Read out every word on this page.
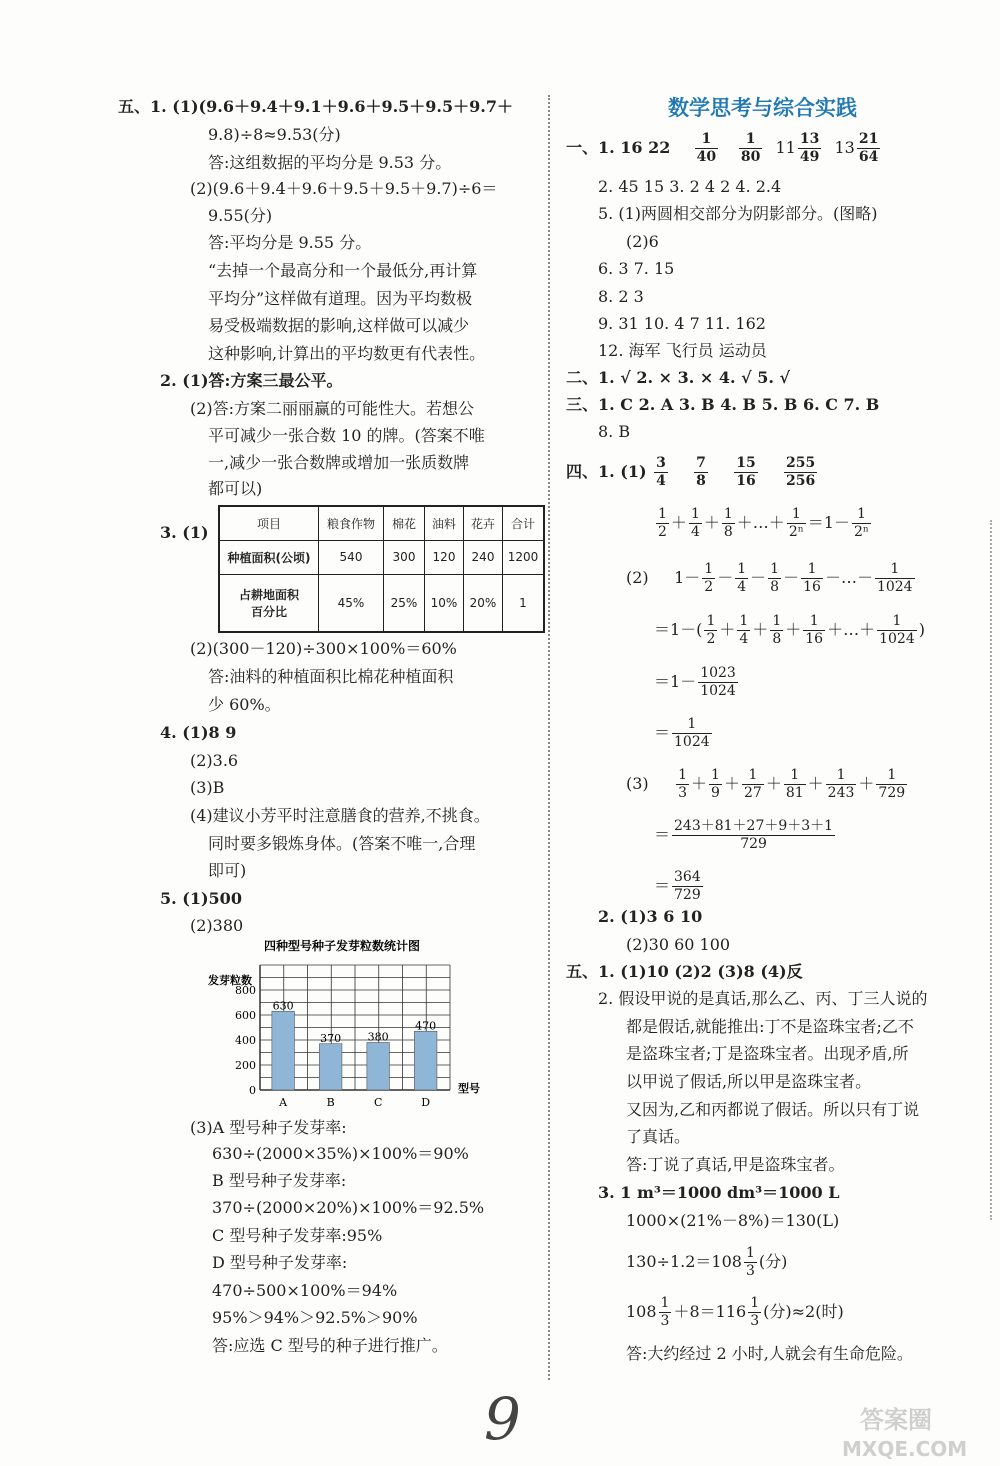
五、1. (1)(9.6＋9.4＋9.1＋9.6＋9.5＋9.5＋9.7＋
9.8)÷8≈9.53(分)
答:这组数据的平均分是 9.53 分。
(2)(9.6＋9.4＋9.6＋9.5＋9.5＋9.7)÷6＝
9.55(分)
答:平均分是 9.55 分。
“去掉一个最高分和一个最低分,再计算
平均分”这样做有道理。因为平均数极
易受极端数据的影响,这样做可以减少
这种影响,计算出的平均数更有代表性。
2. (1)答:方案三最公平。
(2)答:方案二丽丽赢的可能性大。若想公
平可减少一张合数 10 的牌。(答案不唯
一,减少一张合数牌或增加一张质数牌
都可以)
3. (1)	项目	粮食作物	棉花	油料	花卉	合计
种植面积(公顷)	540	300	120	240	1200
占耕地面积
百分比	45%	25%	10%	20%	1
(2)(300－120)÷300×100%＝60%
答:油料的种植面积比棉花种植面积
少 60%。
4. (1)8 9
(2)3.6
(3)B
(4)建议小芳平时注意膳食的营养,不挑食。
同时要多锻炼身体。(答案不唯一,合理
即可)
5. (1)500
(2)380
四种型号种子发芽粒数统计图
发芽粒数
0
200
400
600
800
型号
630
A
370
B
380
C
470
D
(3)A 型号种子发芽率:
630÷(2000×35%)×100%＝90%
B 型号种子发芽率:
370÷(2000×20%)×100%＝92.5%
C 型号种子发芽率:95%
D 型号种子发芽率:
470÷500×100%＝94%
95%＞94%＞92.5%＞90%
答:应选 C 型号的种子进行推广。
数学思考与综合实践
一、1. 16 $22 \frac{1}{40}$
$\frac{1}{80} 11 \frac{13}{49} 13 \frac{21}{64}$
2. 45 15 3. 2 4 2 4. 2.4
5. (1)两圆相交部分为阴影部分。(图略)
(2)6
6. 3 7. 15
8. 2 3
9. 31 10. 4 7 11. 162
12. 海军 飞行员 运动员
二、1. √ 2. × 3. × 4. √ 5. √
三、1. C 2. A 3. B 4. B 5. B 6. C 7. B
8. B
四、1. $(1) \frac{3}{4}$
$\frac{7}{8}$
$\frac{15}{16}$
$\frac{255}{256}$
$\frac{1}{2} + \frac{1}{4} + \frac{1}{8}$ ＋…＋ $\frac{1}{\text{2ⁿ}} =1- \frac{1}{\text{2ⁿ}}$
(2) $1- \frac{1}{2} - \frac{1}{4} - \frac{1}{8} - \frac{1}{16}$ －…－ $\frac{1}{1024}$
$=1-( \frac{1}{2} + \frac{1}{4} + \frac{1}{8} + \frac{1}{16}$ ＋…＋ $\frac{1}{1024}$ )
$=1- \frac{1023}{1024}$
＝ $\frac{1}{1024}$
$(3) \frac{1}{3} + \frac{1}{9} + \frac{1}{27} + \frac{1}{81} + \frac{1}{243} + \frac{1}{729}$
＝ $\frac{243+81+27+9+3+1}{729}$
＝ $\frac{364}{729}$
2. (1)3 6 10
(2)30 60 100
五、1. (1)10 (2)2 (3)8 (4)反
2. 假设甲说的是真话,那么乙、丙、丁三人说的
都是假话,就能推出:丁不是盗珠宝者;乙不
是盗珠宝者;丁是盗珠宝者。出现矛盾,所
以甲说了假话,所以甲是盗珠宝者。
又因为,乙和丙都说了假话。所以只有丁说
了真话。
答:丁说了真话,甲是盗珠宝者。
3. 1 m³＝1000 dm³＝1000 L
1000×(21%－8%)＝130(L)
$130\div 1.2=108 \frac{1}{3}$ (分)
$108 \frac{1}{3} +8=116 \frac{1}{3}$ (分)≈2(时)
答:大约经过 2 小时,人就会有生命危险。
9	答案圈
MXQE.COM
